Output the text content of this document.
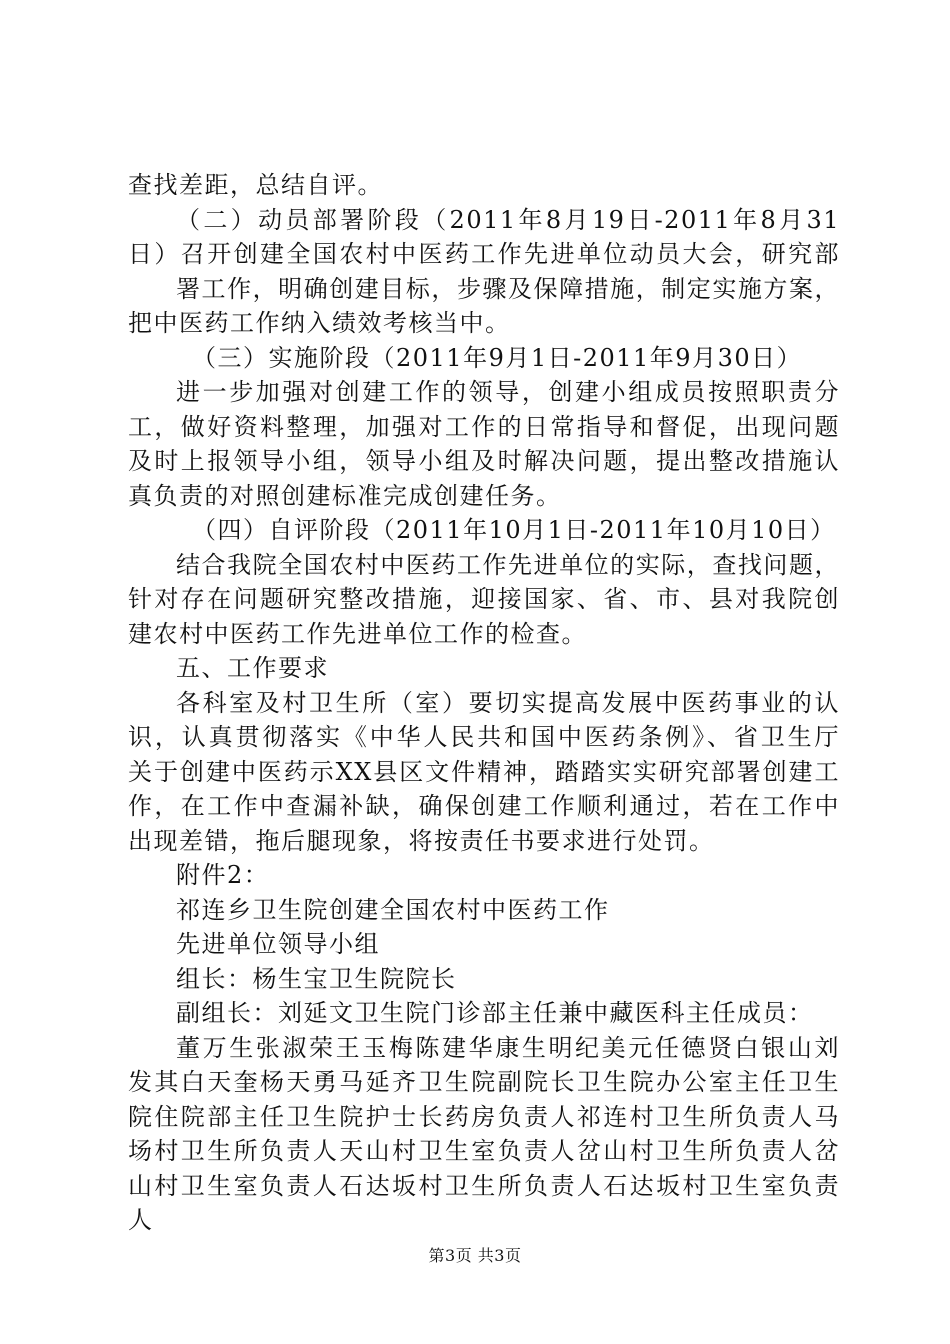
查找差距，总结自评。
（二）动员部署阶段（2011年8月19日-2011年8月31
日）召开创建全国农村中医药工作先进单位动员大会，研究部
署工作，明确创建目标，步骤及保障措施，制定实施方案，
把中医药工作纳入绩效考核当中。
（三）实施阶段（2011年9月1日-2011年9月30日）
进一步加强对创建工作的领导，创建小组成员按照职责分
工，做好资料整理，加强对工作的日常指导和督促，出现问题
及时上报领导小组，领导小组及时解决问题，提出整改措施认
真负责的对照创建标准完成创建任务。
（四）自评阶段（2011年10月1日-2011年10月10日）
结合我院全国农村中医药工作先进单位的实际，查找问题，
针对存在问题研究整改措施，迎接国家、省、市、县对我院创
建农村中医药工作先进单位工作的检查。
五、工作要求
各科室及村卫生所（室）要切实提高发展中医药事业的认
识，认真贯彻落实《中华人民共和国中医药条例》、省卫生厅
关于创建中医药示XX县区文件精神，踏踏实实研究部署创建工
作，在工作中查漏补缺，确保创建工作顺利通过，若在工作中
出现差错，拖后腿现象，将按责任书要求进行处罚。
附件2：
祁连乡卫生院创建全国农村中医药工作
先进单位领导小组
组长：杨生宝卫生院院长
副组长：刘延文卫生院门诊部主任兼中藏医科主任成员：
董万生张淑荣王玉梅陈建华康生明纪美元任德贤白银山刘
发其白天奎杨天勇马延齐卫生院副院长卫生院办公室主任卫生
院住院部主任卫生院护士长药房负责人祁连村卫生所负责人马
场村卫生所负责人天山村卫生室负责人岔山村卫生所负责人岔
山村卫生室负责人石达坂村卫生所负责人石达坂村卫生室负责
人
第3页 共3页
